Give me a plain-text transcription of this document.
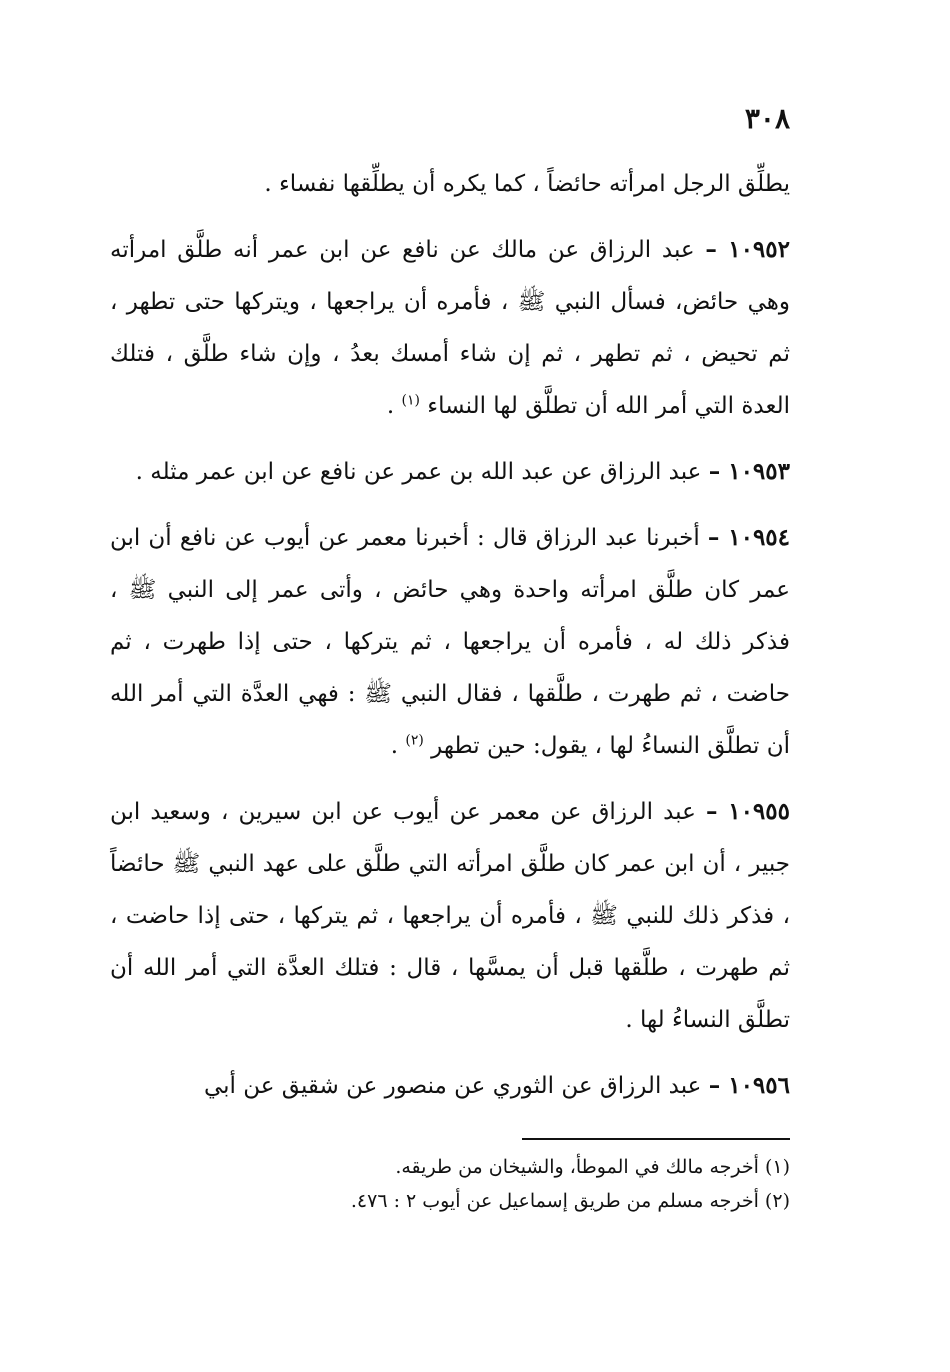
٣٠٨

يطلِّق الرجل امرأته حائضاً ، كما يكره أن يطلِّقها نفساء .

١٠٩٥٢ – عبد الرزاق عن مالك عن نافع عن ابن عمر أنه طلَّق امرأته وهي حائض، فسأل النبي ﷺ ، فأمره أن يراجعها ، ويتركها حتى تطهر ، ثم تحيض ، ثم تطهر ، ثم إن شاء أمسك بعدُ ، وإن شاء طلَّق ، فتلك العدة التي أمر الله أن تطلَّق لها النساء $^{(١)}$ .

١٠٩٥٣ – عبد الرزاق عن عبد الله بن عمر عن نافع عن ابن عمر مثله .

١٠٩٥٤ – أخبرنا عبد الرزاق قال : أخبرنا معمر عن أيوب عن نافع أن ابن عمر كان طلَّق امرأته واحدة وهي حائض ، وأتى عمر إلى النبي ﷺ ، فذكر ذلك له ، فأمره أن يراجعها ، ثم يتركها ، حتى إذا طهرت ، ثم حاضت ، ثم طهرت ، طلَّقها ، فقال النبي ﷺ : فهي العدَّة التي أمر الله أن تطلَّق النساءُ لها ، يقول: حين تطهر $^{(٢)}$ .

١٠٩٥٥ – عبد الرزاق عن معمر عن أيوب عن ابن سيرين ، وسعيد ابن جبير ، أن ابن عمر كان طلَّق امرأته التي طلَّق على عهد النبي ﷺ حائضاً ، فذكر ذلك للنبي ﷺ ، فأمره أن يراجعها ، ثم يتركها ، حتى إذا حاضت ، ثم طهرت ، طلَّقها قبل أن يمسَّها ، قال : فتلك العدَّة التي أمر الله أن تطلَّق النساءُ لها .

١٠٩٥٦ – عبد الرزاق عن الثوري عن منصور عن شقيق عن أبي

(١) أخرجه مالك في الموطأ، والشيخان من طريقه.

(٢) أخرجه مسلم من طريق إسماعيل عن أيوب ٢ : ٤٧٦.
